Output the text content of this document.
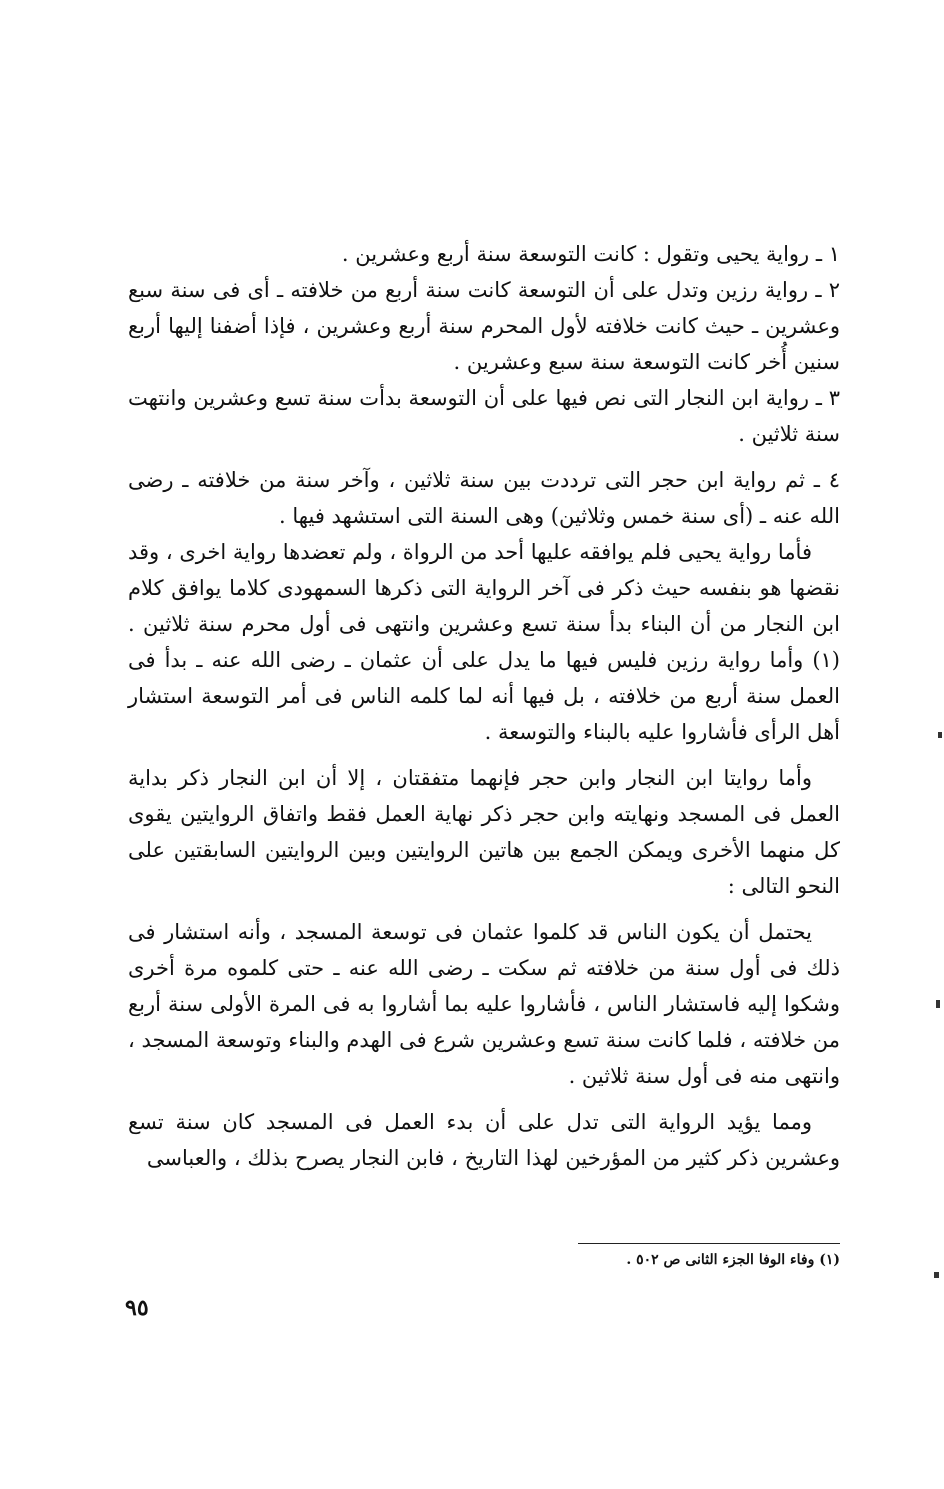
١ ـ رواية يحيى وتقول : كانت التوسعة سنة أربع وعشرين .

٢ ـ رواية رزين وتدل على أن التوسعة كانت سنة أربع من خلافته ـ أى فى سنة سبع وعشرين ـ حيث كانت خلافته لأول المحرم سنة أربع وعشرين ، فإذا أضفنا إليها أربع سنين أُخر كانت التوسعة سنة سبع وعشرين .

٣ ـ رواية ابن النجار التى نص فيها على أن التوسعة بدأت سنة تسع وعشرين وانتهت سنة ثلاثين .

٤ ـ ثم رواية ابن حجر التى ترددت بين سنة ثلاثين ، وآخر سنة من خلافته ـ رضى الله عنه ـ (أى سنة خمس وثلاثين) وهى السنة التى استشهد فيها .

فأما رواية يحيى فلم يوافقه عليها أحد من الرواة ، ولم تعضدها رواية اخرى ، وقد نقضها هو بنفسه حيث ذكر فى آخر الرواية التى ذكرها السمهودى كلاما يوافق كلام ابن النجار من أن البناء بدأ سنة تسع وعشرين وانتهى فى أول محرم سنة ثلاثين . (١) وأما رواية رزين فليس فيها ما يدل على أن عثمان ـ رضى الله عنه ـ بدأ فى العمل سنة أربع من خلافته ، بل فيها أنه لما كلمه الناس فى أمر التوسعة استشار أهل الرأى فأشاروا عليه بالبناء والتوسعة .

وأما روايتا ابن النجار وابن حجر فإنهما متفقتان ، إلا أن ابن النجار ذكر بداية العمل فى المسجد ونهايته وابن حجر ذكر نهاية العمل فقط واتفاق الروايتين يقوى كل منهما الأخرى ويمكن الجمع بين هاتين الروايتين وبين الروايتين السابقتين على النحو التالى :

يحتمل أن يكون الناس قد كلموا عثمان فى توسعة المسجد ، وأنه استشار فى ذلك فى أول سنة من خلافته ثم سكت ـ رضى الله عنه ـ حتى كلموه مرة أخرى وشكوا إليه فاستشار الناس ، فأشاروا عليه بما أشاروا به فى المرة الأولى سنة أربع من خلافته ، فلما كانت سنة تسع وعشرين شرع فى الهدم والبناء وتوسعة المسجد ، وانتهى منه فى أول سنة ثلاثين .

ومما يؤيد الرواية التى تدل على أن بدء العمل فى المسجد كان سنة تسع وعشرين ذكر كثير من المؤرخين لهذا التاريخ ، فابن النجار يصرح بذلك ، والعباسى

(١) وفاء الوفا الجزء الثانى ص ٥٠٢ .
٩٥
